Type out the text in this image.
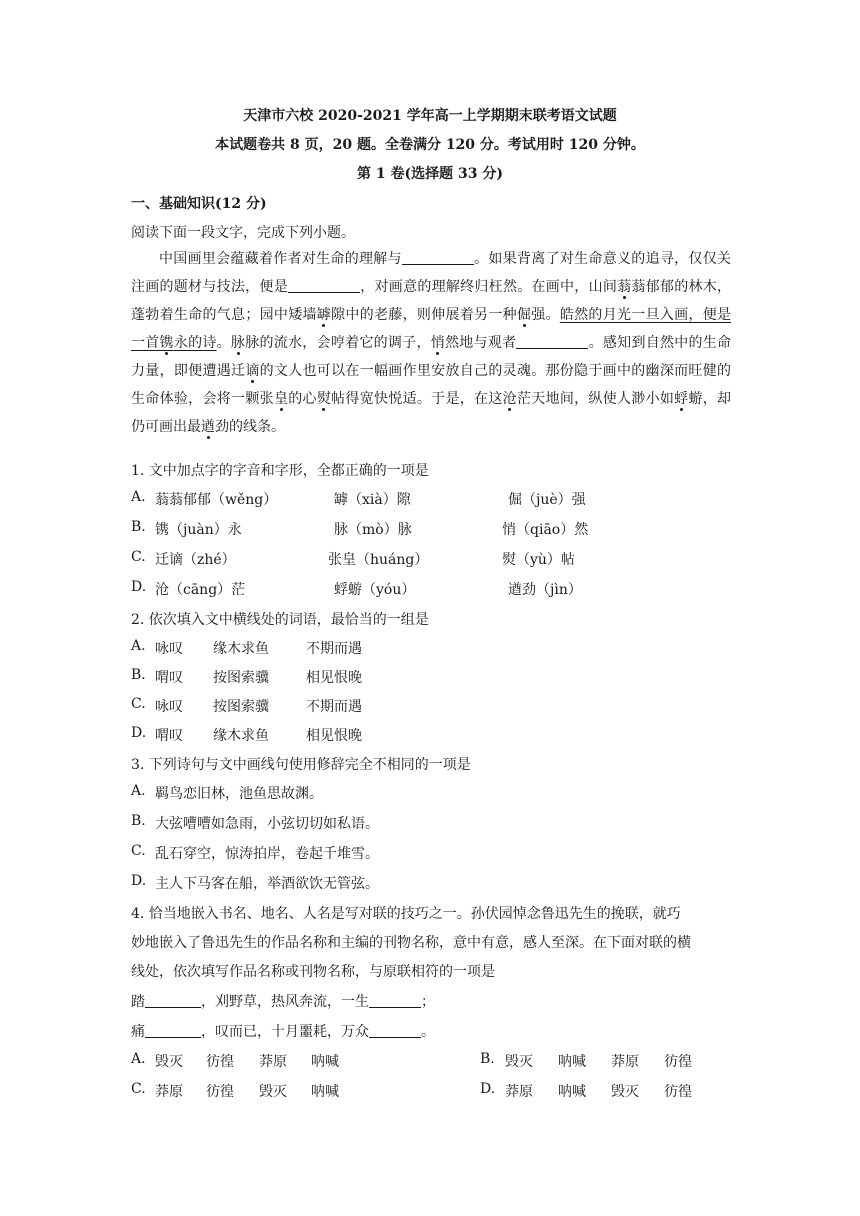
天津市六校 2020-2021 学年高一上学期期末联考语文试题
本试题卷共 8 页，20 题。全卷满分 120 分。考试用时 120 分钟。
第 1 卷(选择题 33 分)
一、基础知识(12 分)
阅读下面一段文字，完成下列小题。

中国画里会蕴藏着作者对生命的理解与	。如果背离了对生命意义的追寻，仅仅关注画的题材与技法，便是	，对画意的理解终归枉然。在画中，山间蓊蓊郁郁的林木，蓬勃着生命的气息；园中矮墙罅隙中的老藤，则伸展着另一种倔强。皓然的月光一旦入画，便是一首镌永的诗。脉脉的流水，会哼着它的调子，悄然地与观者	。感知到自然中的生命力量，即便遭遇迁谪的文人也可以在一幅画作里安放自己的灵魂。那份隐于画中的幽深而旺健的生命体验，会将一颗张皇的心熨帖得宽快悦适。于是，在这沧茫天地间，纵使人渺小如蜉蝣，却仍可画出最遒劲的线条。

1. 文中加点字的字音和字形，全都正确的一项是
A. 蓊蓊郁郁（wěng）	罅（xià）隙	倔（juè）强
B. 镌（juàn）永	脉（mò）脉	悄（qiāo）然
C. 迁谪（zhé）	张皇（huáng）	熨（yù）帖
D. 沧（cāng）茫	蜉蝣（yóu）	遒劲（jìn）
2. 依次填入文中横线处的词语，最恰当的一组是
A. 咏叹 缘木求鱼	不期而遇
B. 喟叹 按图索骥	相见恨晚
C. 咏叹 按图索骥	不期而遇
D. 喟叹 缘木求鱼	相见恨晚
3. 下列诗句与文中画线句使用修辞完全不相同的一项是
A. 羁鸟恋旧林，池鱼思故渊。
B. 大弦嘈嘈如急雨，小弦切切如私语。
C. 乱石穿空，惊涛拍岸，卷起千堆雪。
D. 主人下马客在船，举酒欲饮无管弦。
4. 恰当地嵌入书名、地名、人名是写对联的技巧之一。孙伏园悼念鲁迅先生的挽联，就巧
妙地嵌入了鲁迅先生的作品名称和主编的刊物名称，意中有意，感人至深。在下面对联的横
线处，依次填写作品名称或刊物名称，与原联相符的一项是
踏	，刈野草，热风奔流，一生	；
痛	，叹而已，十月噩耗，万众	。
A. 毁灭 彷徨 莽原 呐喊	B. 毁灭 呐喊 莽原 彷徨
C. 莽原 彷徨 毁灭 呐喊	D. 莽原 呐喊 毁灭 彷徨
